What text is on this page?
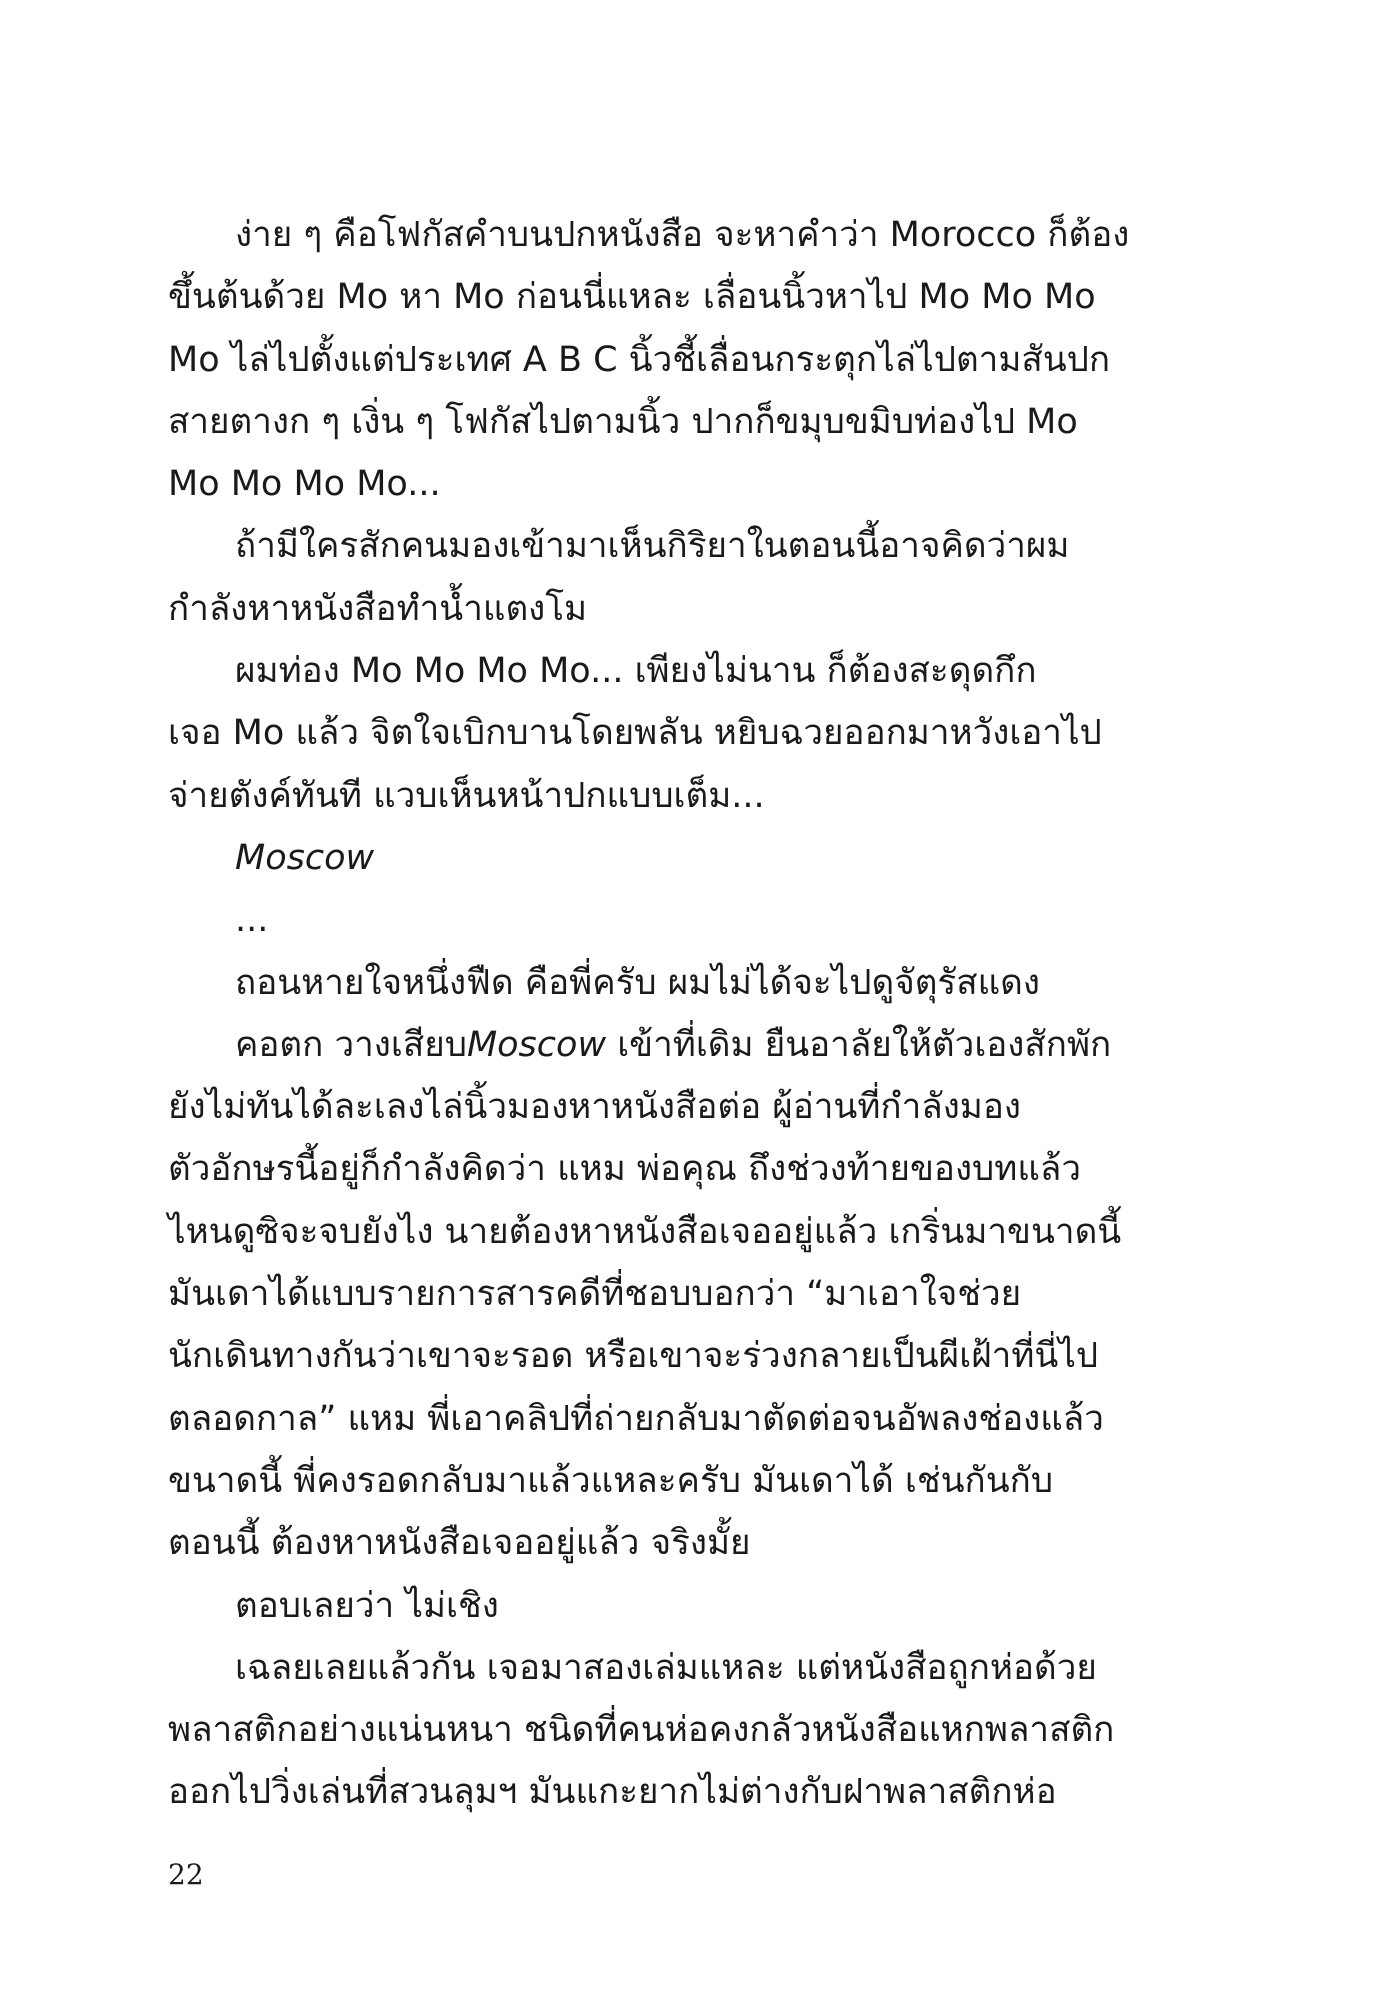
ง่าย ๆ คือโฟกัสคำบนปกหนังสือ จะหาคำว่า Morocco ก็ต้อง
ขึ้นต้นด้วย Mo หา Mo ก่อนนี่แหละ เลื่อนนิ้วหาไป Mo Mo Mo
Mo ไล่ไปตั้งแต่ประเทศ A B C นิ้วชี้เลื่อนกระตุกไล่ไปตามสันปก
สายตางก ๆ เงิ่น ๆ โฟกัสไปตามนิ้ว ปากก็ขมุบขมิบท่องไป Mo
Mo Mo Mo Mo...

ถ้ามีใครสักคนมองเข้ามาเห็นกิริยาในตอนนี้อาจคิดว่าผม
กำลังหาหนังสือทำน้ำแตงโม

ผมท่อง Mo Mo Mo Mo... เพียงไม่นาน ก็ต้องสะดุดกึก
เจอ Mo แล้ว จิตใจเบิกบานโดยพลัน หยิบฉวยออกมาหวังเอาไป
จ่ายตังค์ทันที แวบเห็นหน้าปกแบบเต็ม...

Moscow

...

ถอนหายใจหนึ่งฟืด คือพี่ครับ ผมไม่ได้จะไปดูจัตุรัสแดง

คอตก วางเสียบMoscow เข้าที่เดิม ยืนอาลัยให้ตัวเองสักพัก
ยังไม่ทันได้ละเลงไล่นิ้วมองหาหนังสือต่อ ผู้อ่านที่กำลังมอง
ตัวอักษรนี้อยู่ก็กำลังคิดว่า แหม พ่อคุณ ถึงช่วงท้ายของบทแล้ว
ไหนดูซิจะจบยังไง นายต้องหาหนังสือเจออยู่แล้ว เกริ่นมาขนาดนี้
มันเดาได้แบบรายการสารคดีที่ชอบบอกว่า “มาเอาใจช่วย
นักเดินทางกันว่าเขาจะรอด หรือเขาจะร่วงกลายเป็นผีเฝ้าที่นี่ไป
ตลอดกาล” แหม พี่เอาคลิปที่ถ่ายกลับมาตัดต่อจนอัพลงช่องแล้ว
ขนาดนี้ พี่คงรอดกลับมาแล้วแหละครับ มันเดาได้ เช่นกันกับ
ตอนนี้ ต้องหาหนังสือเจออยู่แล้ว จริงมั้ย

ตอบเลยว่า ไม่เชิง

เฉลยเลยแล้วกัน เจอมาสองเล่มแหละ แต่หนังสือถูกห่อด้วย
พลาสติกอย่างแน่นหนา ชนิดที่คนห่อคงกลัวหนังสือแหกพลาสติก
ออกไปวิ่งเล่นที่สวนลุมฯ มันแกะยากไม่ต่างกับฝาพลาสติกห่อ

22
